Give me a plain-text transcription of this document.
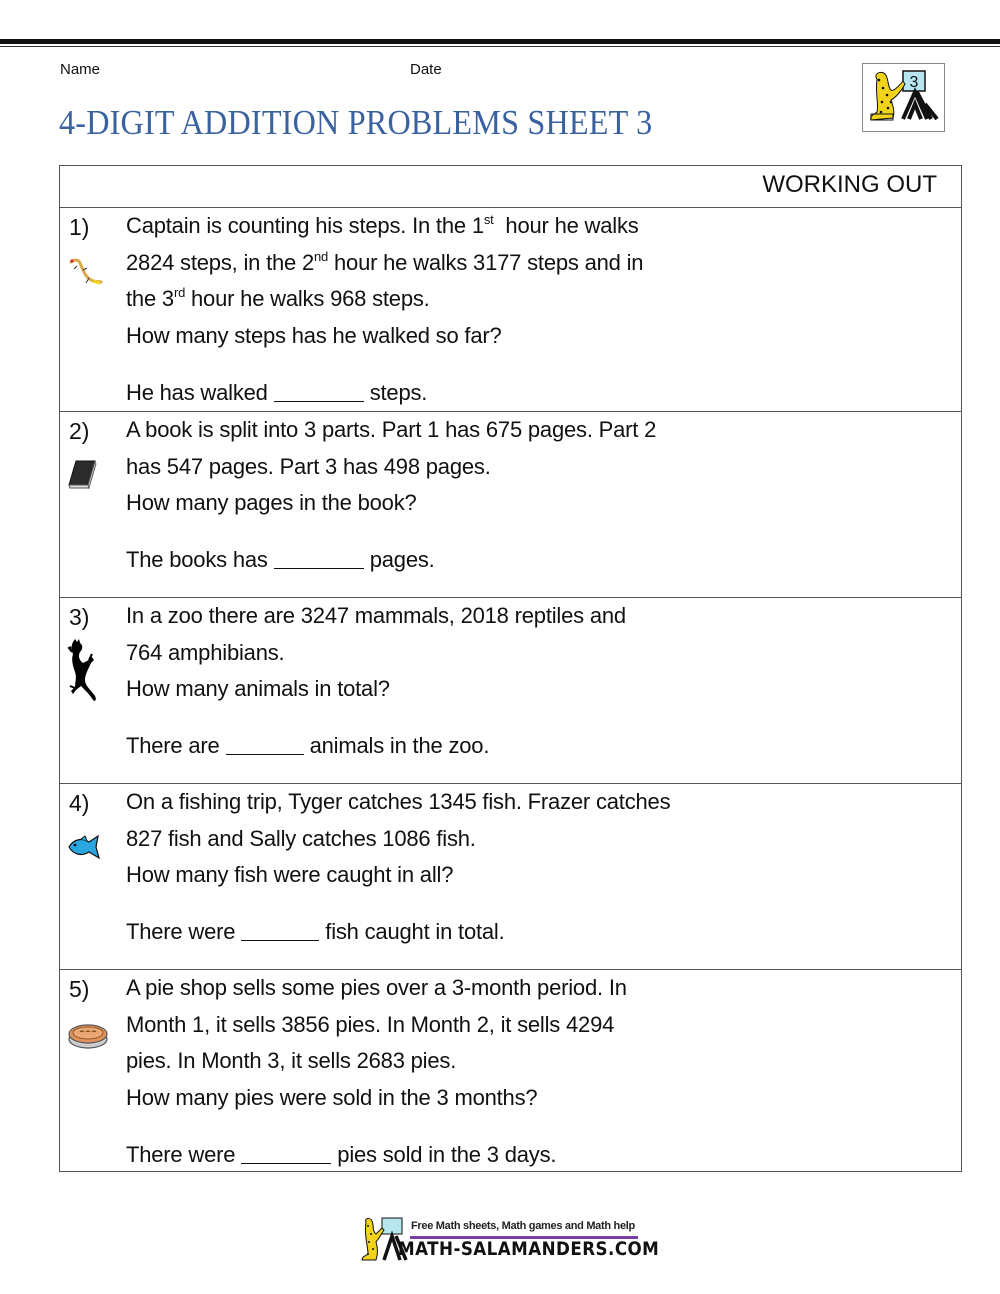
Name	Date
4-DIGIT ADDITION PROBLEMS SHEET 3
3
WORKING OUT
1) Captain is counting his steps. In the 1st  hour he walks
2824 steps, in the 2nd hour he walks 3177 steps and in
the 3rd hour he walks 968 steps.
How many steps has he walked so far?
He has walked	steps.
2) A book is split into 3 parts. Part 1 has 675 pages. Part 2
has 547 pages. Part 3 has 498 pages.
How many pages in the book?
The books has	pages.
3) In a zoo there are 3247 mammals, 2018 reptiles and
764 amphibians.
How many animals in total?
There are	animals in the zoo.
4) On a fishing trip, Tyger catches 1345 fish. Frazer catches
827 fish and Sally catches 1086 fish.
How many fish were caught in all?
There were	fish caught in total.
5) A pie shop sells some pies over a 3-month period. In
Month 1, it sells 3856 pies. In Month 2, it sells 4294
pies. In Month 3, it sells 2683 pies.
How many pies were sold in the 3 months?
There were	pies sold in the 3 days.
Free Math sheets, Math games and Math help
MATH-SALAMANDERS.COM
